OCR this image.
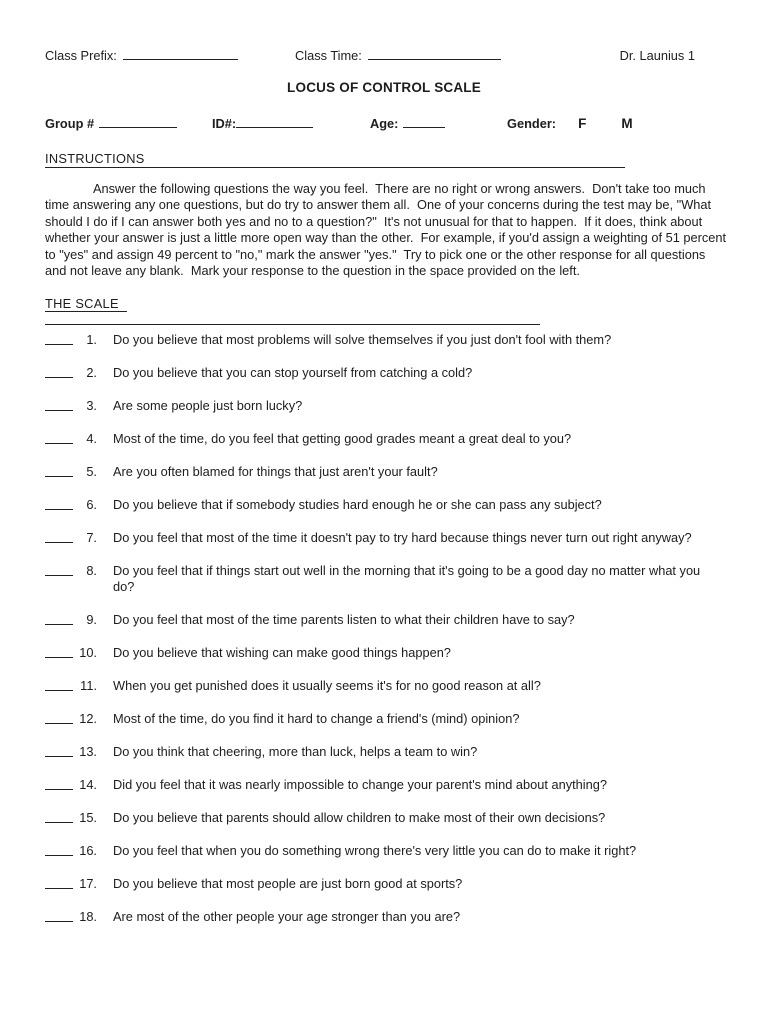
Class Prefix:	Class Time:	Dr. Launius 1
LOCUS OF CONTROL SCALE
Group #	ID#:	Age:	Gender: F	M
INSTRUCTIONS
Answer the following questions the way you feel.  There are no right or wrong answers.  Don't take too much time answering any one questions, but do try to answer them all.  One of your concerns during the test may be, "What should I do if I can answer both yes and no to a question?"  It's not unusual for that to happen.  If it does, think about whether your answer is just a little more open way than the other.  For example, if you'd assign a weighting of 51 percent to "yes" and assign 49 percent to "no," mark the answer "yes."  Try to pick one or the other response for all questions and not leave any blank.  Mark your response to the question in the space provided on the left.
THE SCALE
1. Do you believe that most problems will solve themselves if you just don't fool with them?
2. Do you believe that you can stop yourself from catching a cold?
3. Are some people just born lucky?
4. Most of the time, do you feel that getting good grades meant a great deal to you?
5. Are you often blamed for things that just aren't your fault?
6. Do you believe that if somebody studies hard enough he or she can pass any subject?
7. Do you feel that most of the time it doesn't pay to try hard because things never turn out right anyway?
8. Do you feel that if things start out well in the morning that it's going to be a good day no matter what you do?
9. Do you feel that most of the time parents listen to what their children have to say?
10. Do you believe that wishing can make good things happen?
11. When you get punished does it usually seems it's for no good reason at all?
12. Most of the time, do you find it hard to change a friend's (mind) opinion?
13. Do you think that cheering, more than luck, helps a team to win?
14. Did you feel that it was nearly impossible to change your parent's mind about anything?
15. Do you believe that parents should allow children to make most of their own decisions?
16. Do you feel that when you do something wrong there's very little you can do to make it right?
17. Do you believe that most people are just born good at sports?
18. Are most of the other people your age stronger than you are?
